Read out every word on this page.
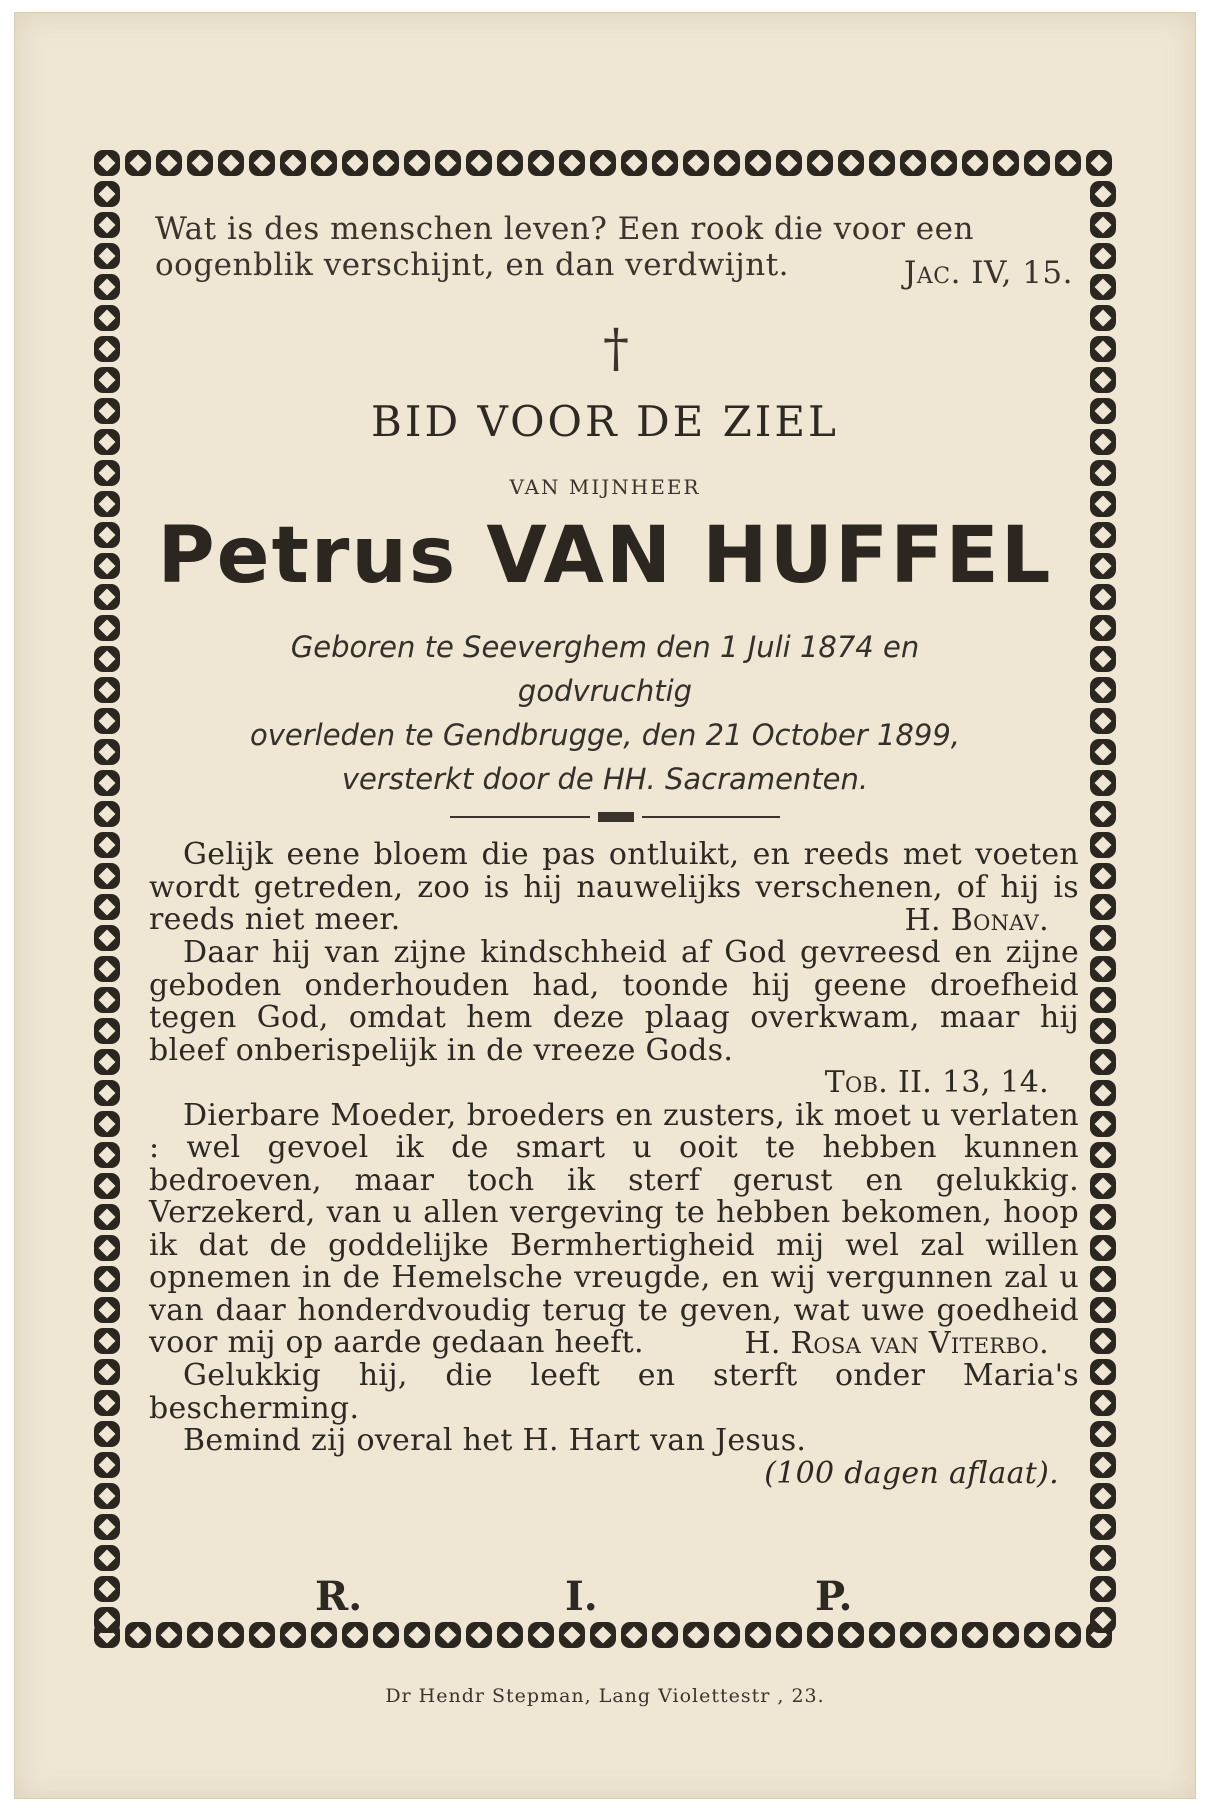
Wat is des menschen leven? Een rook die voor een
oogenblik verschijnt, en dan verdwijnt.	Jac. IV, 15.
†
BID VOOR DE ZIEL
VAN MIJNHEER
Petrus VAN HUFFEL
Geboren te Seeverghem den 1 Juli 1874 en
godvruchtig
overleden te Gendbrugge, den 21 October 1899,
versterkt door de HH. Sacramenten.

Gelijk eene bloem die pas ontluikt, en reeds met voeten wordt getreden, zoo is hij nauwelijks verschenen, of hij is reeds niet meer.	H. Bonav.

Daar hij van zijne kindschheid af God gevreesd en zijne geboden onderhouden had, toonde hij geene droefheid tegen God, omdat hem deze plaag overkwam, maar hij bleef onberispelijk in de vreeze Gods.

Tob. II. 13, 14.

Dierbare Moeder, broeders en zusters, ik moet u verlaten : wel gevoel ik de smart u ooit te hebben kunnen bedroeven, maar toch ik sterf gerust en gelukkig. Verzekerd, van u allen vergeving te hebben bekomen, hoop ik dat de goddelijke Bermhertigheid mij wel zal willen opnemen in de Hemelsche vreugde, en wij vergunnen zal u van daar honderdvoudig terug te geven, wat uwe goedheid voor mij op aarde gedaan heeft.	H. Rosa van Viterbo.

Gelukkig hij, die leeft en sterft onder Maria's bescherming.

Bemind zij overal het H. Hart van Jesus.

(100 dagen aflaat).

R.	I.	P.
Dr Hendr Stepman, Lang Violettestr , 23.
